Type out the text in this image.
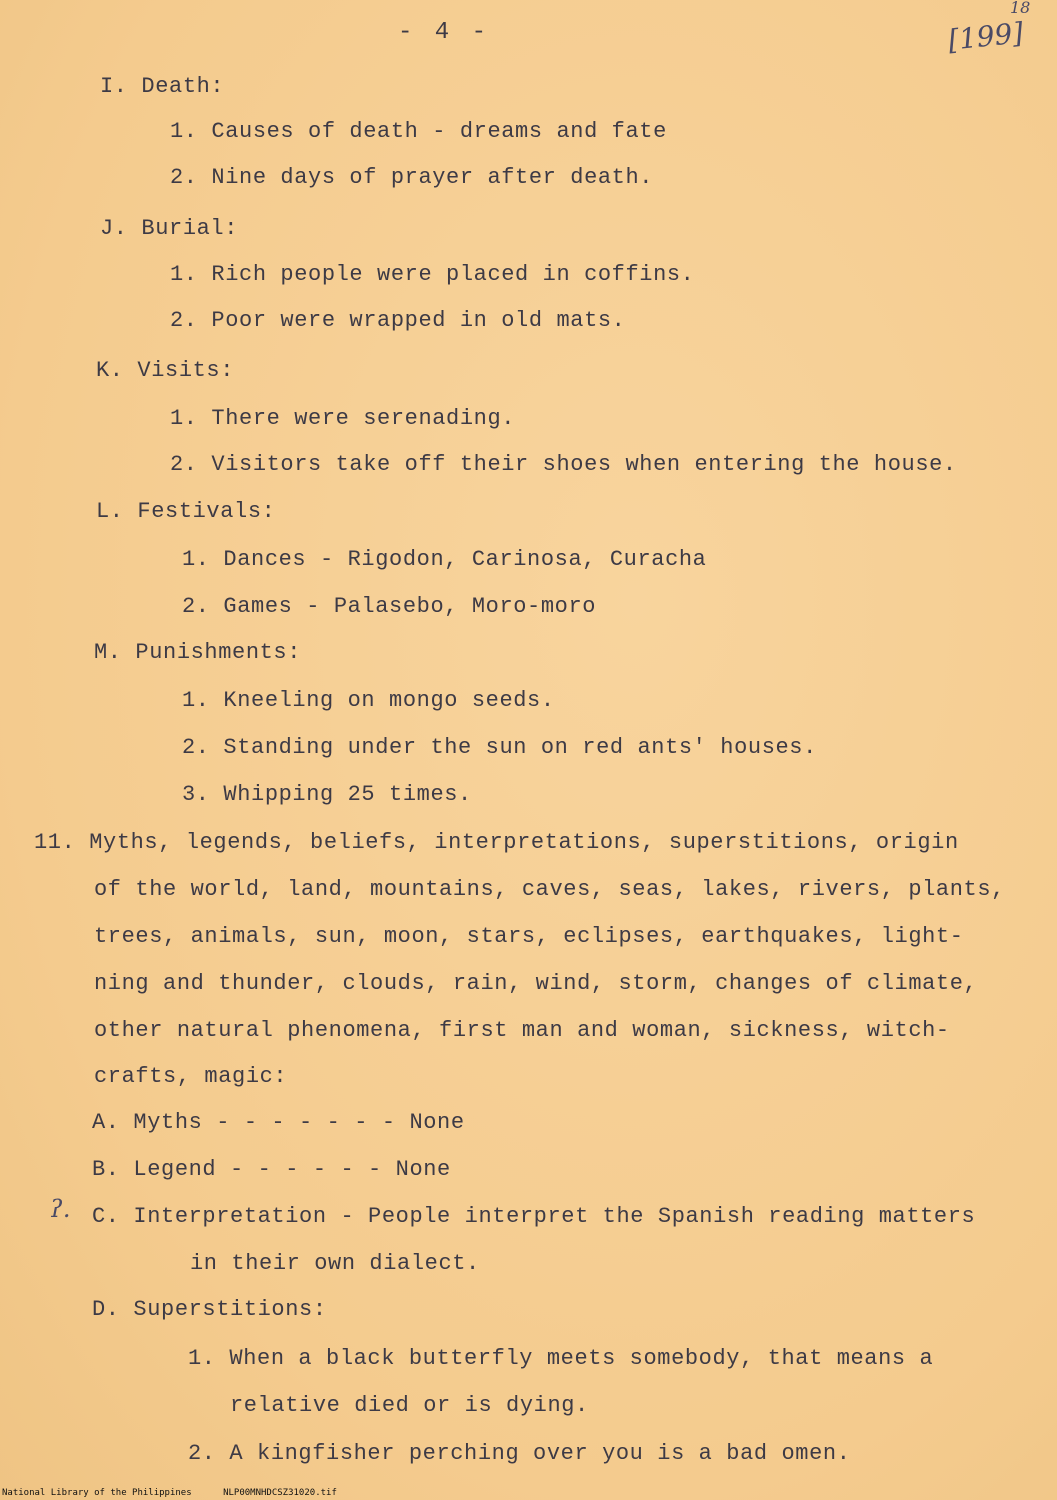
- 4 -	[199]
18
I. Death:
1. Causes of death - dreams and fate
2. Nine days of prayer after death.
J. Burial:
1. Rich people were placed in coffins.
2. Poor were wrapped in old mats.
K. Visits:
1. There were serenading.
2. Visitors take off their shoes when entering the house.
L. Festivals:
1. Dances - Rigodon, Carinosa, Curacha
2. Games - Palasebo, Moro-moro
M. Punishments:
1. Kneeling on mongo seeds.
2. Standing under the sun on red ants' houses.
3. Whipping 25 times.
11. Myths, legends, beliefs, interpretations, superstitions, origin
of the world, land, mountains, caves, seas, lakes, rivers, plants,
trees, animals, sun, moon, stars, eclipses, earthquakes, light-
ning and thunder, clouds, rain, wind, storm, changes of climate,
other natural phenomena, first man and woman, sickness, witch-
crafts, magic:
A. Myths - - - - - - - None
B. Legend - - - - - - None
ʔ. C. Interpretation - People interpret the Spanish reading matters
in their own dialect.
D. Superstitions:
1. When a black butterfly meets somebody, that means a
relative died or is dying.
2. A kingfisher perching over you is a bad omen.
National Library of the Philippines	NLP00MNHDCSZ31020.tif
